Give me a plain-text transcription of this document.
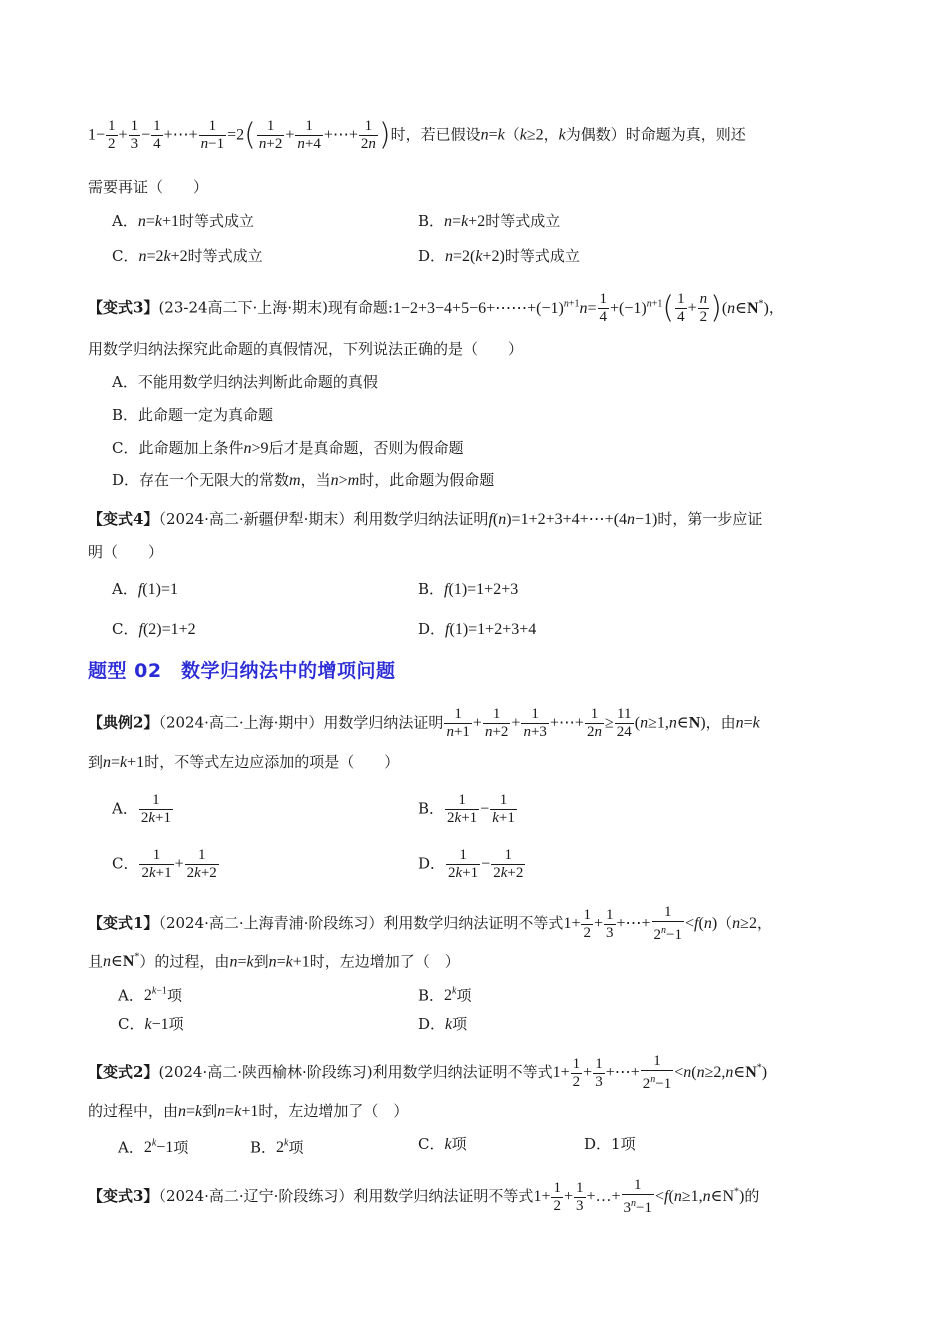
$1- \frac{1}{2} + \frac{1}{3} - \frac{1}{4}$ +⋯+ $\frac{1}{n-1} =2( \frac{1}{n+2} + \frac{1}{n+4}$ +⋯+ $\frac{1}{2n}$ )时，若已假设n=k（k≥2，k为偶数）时命题为真，则还
需要再证（　　）
A．n=k+1时等式成立	B．n=k+2时等式成立
C．n=2k+2时等式成立	D．n=2(k+2)时等式成立
【变式3】(23-24高二下·上海·期末)现有命题$:1-2+3-4+5-6+\cdots\cdots+(-1)^{n+1}n= \frac{1}{4} +(-1)^{n+1}( \frac{1}{4} + \frac{n}{2}$ )(n∈N*)，
用数学归纳法探究此命题的真假情况，下列说法正确的是（　　）
A．不能用数学归纳法判断此命题的真假
B．此命题一定为真命题
C．此命题加上条件n>9后才是真命题，否则为假命题
D．存在一个无限大的常数m，当n>m时，此命题为假命题
【变式4】（2024·高二·新疆伊犁·期末）利用数学归纳法证明f(n)=1+2+3+4+⋯+(4n−1)时，第一步应证
明（　　）
A．f(1)=1	B．f(1)=1+2+3
C．f(2)=1+2	D．f(1)=1+2+3+4
题型 02　数学归纳法中的增项问题
【典例2】（2024·高二·上海·期中）用数学归纳法证明 $\frac{1}{n+1} + \frac{1}{n+2} + \frac{1}{n+3}$ +⋯+ $\frac{1}{2n} \ge \frac{11}{24}$ (n≥1,n∈N)，由n=k
到n=k+1时，不等式左边应添加的项是（　　）
A． $\frac{1}{2k+1}$	B． $\frac{1}{2k+1} - \frac{1}{k+1}$
C． $\frac{1}{2k+1} + \frac{1}{2k+2}$	D． $\frac{1}{2k+1} - \frac{1}{2k+2}$
【变式1】（2024·高二·上海青浦·阶段练习）利用数学归纳法证明不等式$1+ \frac{1}{2} + \frac{1}{3}$ +⋯+ $\frac{1}{2^n-1} <f(n)(n\ge 2$，
且n∈N*）的过程，由n=k到n=k+1时，左边增加了（　）
A．$2^{k-1}$项	B．2$^k$项
C．k−1项	D．k项
【变式2】(2024·高二·陕西榆林·阶段练习)利用数学归纳法证明不等式$1+ \frac{1}{2} + \frac{1}{3}$ +⋯+ $\frac{1}{2^n-1}$ <n(n≥2,n∈N*)
的过程中，由n=k到n=k+1时，左边增加了（　）
A．$2^k-1$项	B．2$^k$项	C．k项	D．1项
【变式3】（2024·高二·辽宁·阶段练习）利用数学归纳法证明不等式$1+ \frac{1}{2} + \frac{1}{3}$ +…+ $\frac{1}{3^n-1}$ <f(n≥1,n∈N*)的
